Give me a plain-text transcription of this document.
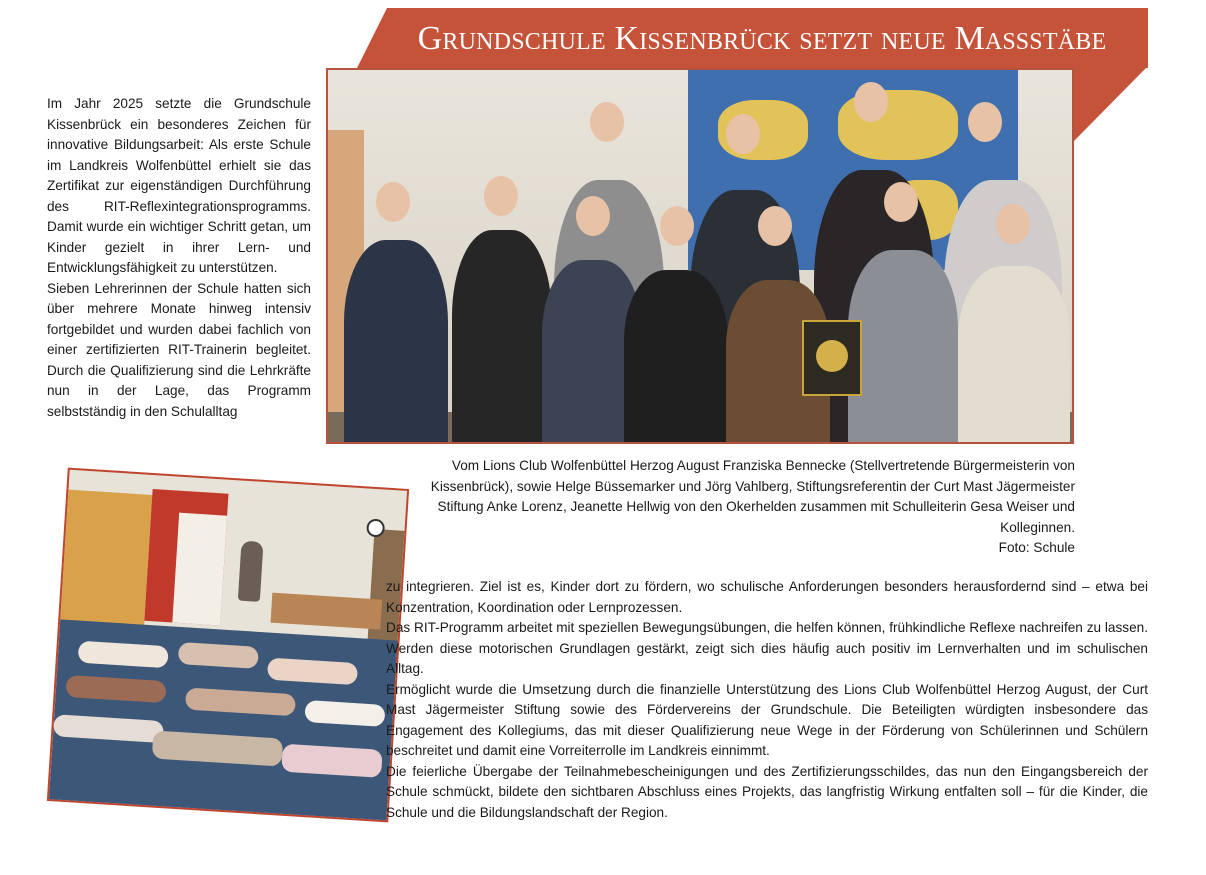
Grundschule Kissenbrück setzt neue Maßstäbe

Im Jahr 2025 setzte die Grundschule Kissenbrück ein besonderes Zeichen für innovative Bildungsarbeit: Als erste Schule im Landkreis Wolfenbüttel erhielt sie das Zertifikat zur eigenständigen Durchführung des RIT-Reflexintegrationsprogramms. Damit wurde ein wichtiger Schritt getan, um Kinder gezielt in ihrer Lern- und Entwicklungsfähigkeit zu unterstützen.

Sieben Lehrerinnen der Schule hatten sich über mehrere Monate hinweg intensiv fortgebildet und wurden dabei fachlich von einer zertifizierten RIT-Trainerin begleitet. Durch die Qualifizierung sind die Lehrkräfte nun in der Lage, das Programm selbstständig in den Schulalltag

Vom Lions Club Wolfenbüttel Herzog August Franziska Bennecke (Stellvertretende Bürgermeisterin von Kissenbrück), sowie Helge Büssemarker und Jörg Vahlberg, Stiftungsreferentin der Curt Mast Jägermeister Stiftung Anke Lorenz, Jeanette Hellwig von den Okerhelden zusammen mit Schulleiterin Gesa Weiser und Kolleginnen.
Foto: Schule

zu integrieren. Ziel ist es, Kinder dort zu fördern, wo schulische Anforderungen besonders herausfordernd sind – etwa bei Konzentration, Koordination oder Lernprozessen.

Das RIT-Programm arbeitet mit speziellen Bewegungsübungen, die helfen können, frühkindliche Reflexe nachreifen zu lassen. Werden diese motorischen Grundlagen gestärkt, zeigt sich dies häufig auch positiv im Lernverhalten und im schulischen Alltag.

Ermöglicht wurde die Umsetzung durch die finanzielle Unterstützung des Lions Club Wolfenbüttel Herzog August, der Curt Mast Jägermeister Stiftung sowie des Fördervereins der Grundschule. Die Beteiligten würdigten insbesondere das Engagement des Kollegiums, das mit dieser Qualifizierung neue Wege in der Förderung von Schülerinnen und Schülern beschreitet und damit eine Vorreiterrolle im Landkreis einnimmt.

Die feierliche Übergabe der Teilnahmebescheinigungen und des Zertifizierungsschildes, das nun den Eingangsbereich der Schule schmückt, bildete den sichtbaren Abschluss eines Projekts, das langfristig Wirkung entfalten soll – für die Kinder, die Schule und die Bildungslandschaft der Region.
